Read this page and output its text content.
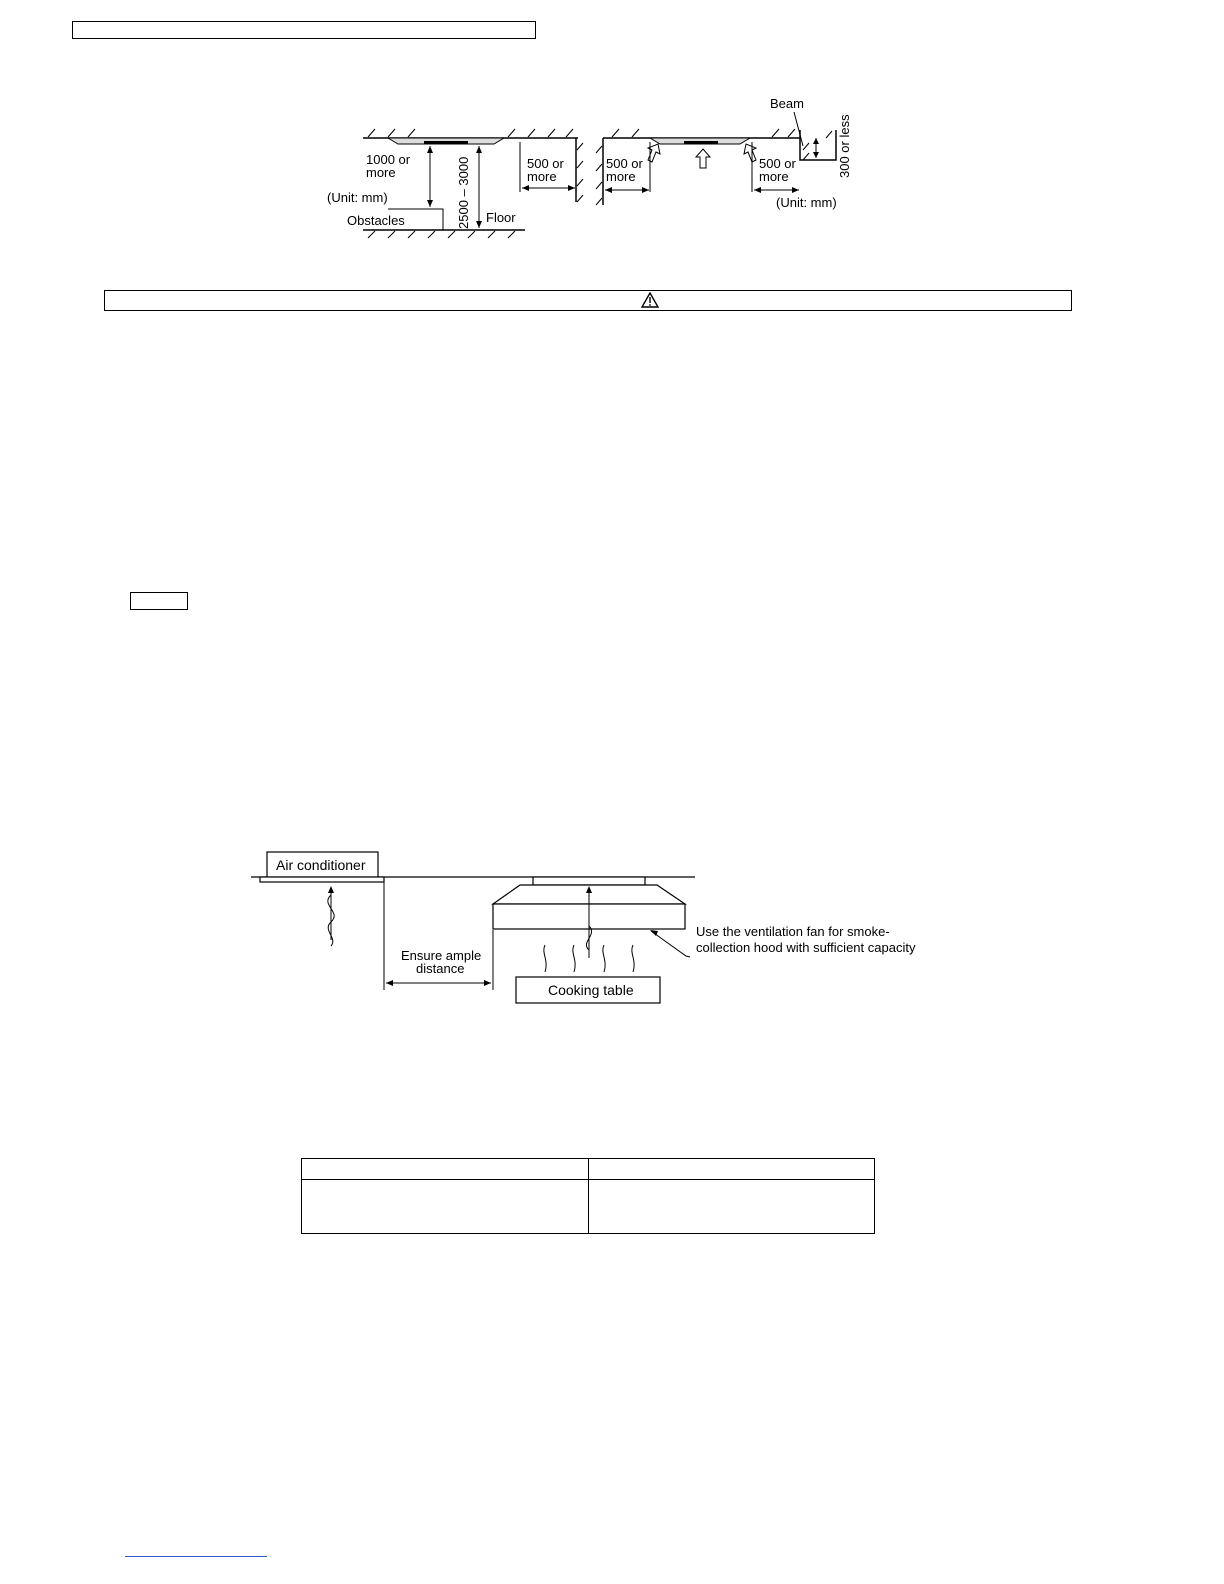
1000 or
more
(Unit: mm)
Obstacles	Floor
2500 – 3000	500 or
more
Beam
300 or less
500 or
more
500 or
more
(Unit: mm)
Air conditioner
Ensure ample
distance
Cooking table
Use the ventilation fan for smoke-
collection hood with sufficient capacity
